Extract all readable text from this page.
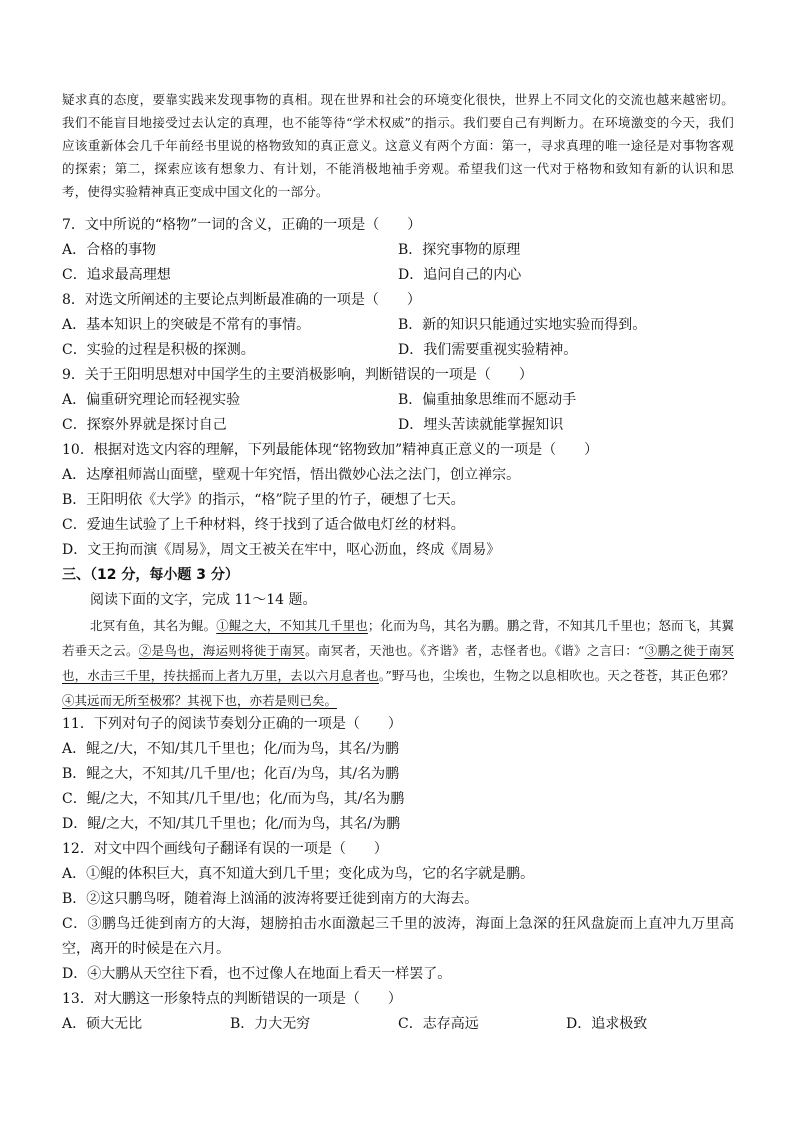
疑求真的态度，要靠实践来发现事物的真相。现在世界和社会的环境变化很快，世界上不同文化的交流也越来越密切。我们不能盲目地接受过去认定的真理，也不能等待“学术权威”的指示。我们要自己有判断力。在环境激变的今天，我们应该重新体会几千年前经书里说的格物致知的真正意义。这意义有两个方面：第一，寻求真理的唯一途径是对事物客观的探索；第二，探索应该有想象力、有计划，不能消极地袖手旁观。希望我们这一代对于格物和致知有新的认识和思考，使得实验精神真正变成中国文化的一部分。

7．文中所说的“格物”一词的含义，正确的一项是（　　）
A．合格的事物	B．探究事物的原理
C．追求最高理想	D．追问自己的内心
8．对选文所阐述的主要论点判断最准确的一项是（　　）
A．基本知识上的突破是不常有的事情。	B．新的知识只能通过实地实验而得到。
C．实验的过程是积极的探测。	D．我们需要重视实验精神。
9．关于王阳明思想对中国学生的主要消极影响，判断错误的一项是（　　）
A．偏重研究理论而轻视实验	B．偏重抽象思维而不愿动手
C．探察外界就是探讨自己	D．埋头苦读就能掌握知识
10．根据对选文内容的理解，下列最能体现“铭物致加”精神真正意义的一项是（　　）
A．达摩祖师嵩山面壁，壁观十年究悟，悟出微妙心法之法门，创立禅宗。
B．王阳明依《大学》的指示，“格”院子里的竹子，硬想了七天。
C．爱迪生试验了上千种材料，终于找到了适合做电灯丝的材料。
D．文王拘而演《周易》，周文王被关在牢中，呕心沥血，终成《周易》
三、（12 分，每小题 3 分）
阅读下面的文字，完成 11～14 题。
北冥有鱼，其名为鲲。①鲲之大，不知其几千里也；化而为鸟，其名为鹏。鹏之背，不知其几千里也；怒而飞，其翼若垂天之云。②是鸟也，海运则将徙于南冥。南冥者，天池也。《齐谐》者，志怪者也。《谐》之言曰：“③鹏之徙于南冥也，水击三千里，抟扶摇而上者九万里，去以六月息者也。”野马也，尘埃也，生物之以息相吹也。天之苍苍，其正色邪？④其远而无所至极邪？其视下也，亦若是则已矣。
11．下列对句子的阅读节奏划分正确的一项是（　　）
A．鲲之/大，不知/其几千里也；化/而为鸟，其名/为鹏
B．鲲之大，不知其/几千里/也；化百/为鸟，其/名为鹏
C．鲲/之大，不知其/几千里/也；化/而为鸟，其/名为鹏
D．鲲/之大，不知/其几千里也；化/而为鸟，其名/为鹏
12．对文中四个画线句子翻译有误的一项是（　　）
A．①鲲的体积巨大，真不知道大到几千里；变化成为鸟，它的名字就是鹏。
B．②这只鹏鸟呀，随着海上汹涌的波涛将要迁徙到南方的大海去。
C．③鹏鸟迁徙到南方的大海，翅膀拍击水面激起三千里的波涛，海面上急深的狂风盘旋而上直冲九万里高空，离开的时候是在六月。
D．④大鹏从天空往下看，也不过像人在地面上看天一样罢了。
13．对大鹏这一形象特点的判断错误的一项是（　　）
A．硕大无比	B．力大无穷	C．志存高远	D．追求极致
